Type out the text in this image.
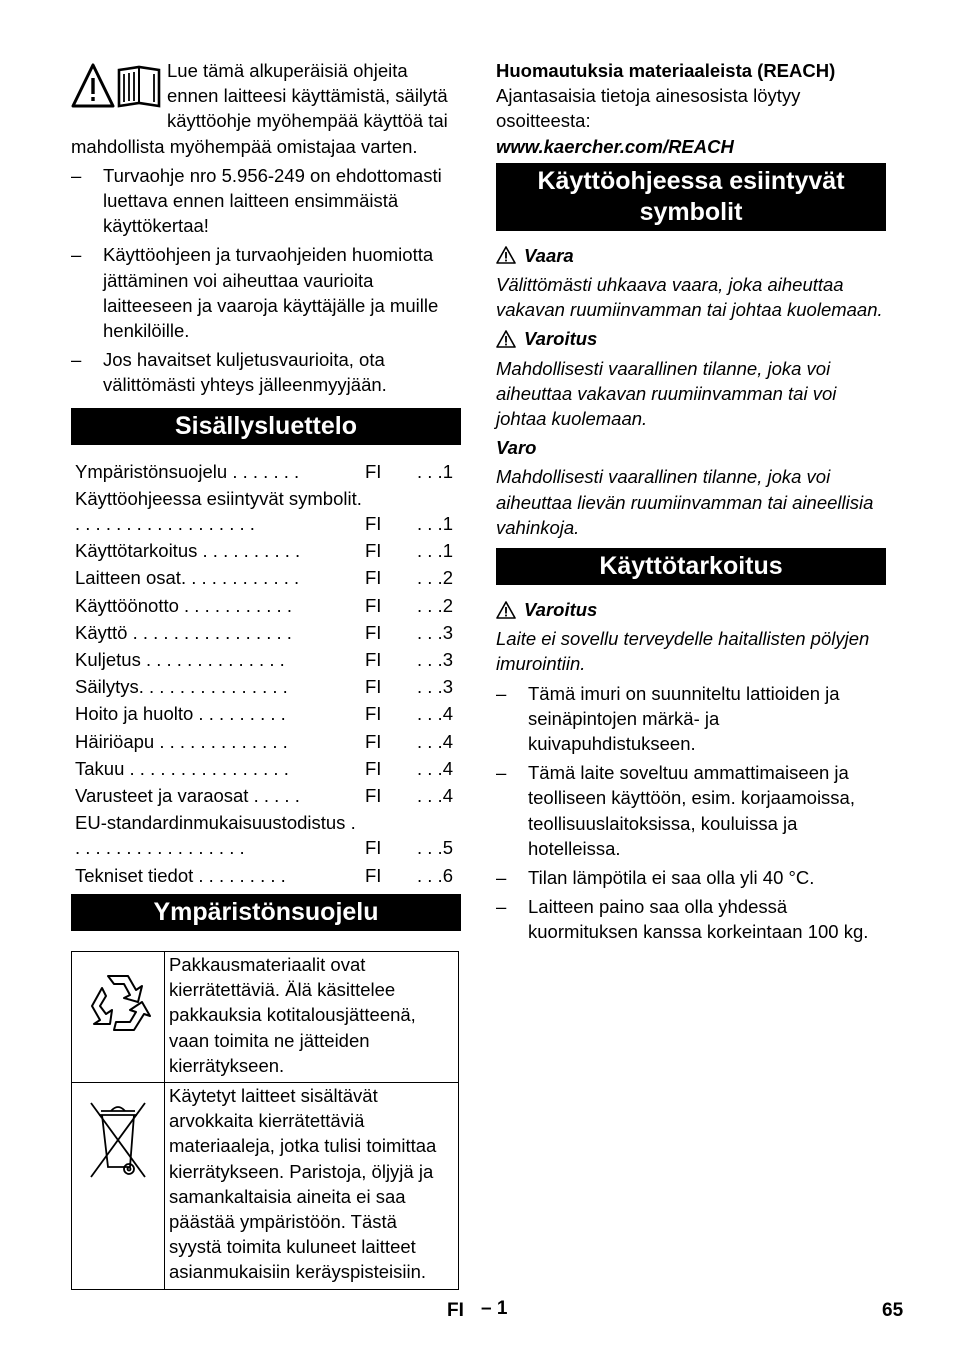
Lue tämä alkuperäisiä ohjeita ennen laitteesi käyttämistä, säilytä käyttöohje myöhempää käyttöä tai mahdollista myöhempää omistajaa varten.

– Turvaohje nro 5.956-249 on ehdottomasti luettava ennen laitteen ensimmäistä käyttökertaa!
– Käyttöohjeen ja turvaohjeiden huomiotta jättäminen voi aiheuttaa vaurioita laitteeseen ja vaaroja käyttäjälle ja muille henkilöille.
– Jos havaitset kuljetusvaurioita, ota välittömästi yhteys jälleenmyyjään.
Sisällysluettelo
Ympäristönsuojelu . . . . . . .	FI	. . .1
Käyttöohjeessa esiintyvät symbolit. . . . . . . . . . . . . . . . . . .	FI	. . .1
Käyttötarkoitus . . . . . . . . . .	FI	. . .1
Laitteen osat. . . . . . . . . . . .	FI	. . .2
Käyttöönotto . . . . . . . . . . .	FI	. . .2
Käyttö . . . . . . . . . . . . . . . .	FI	. . .3
Kuljetus . . . . . . . . . . . . . .	FI	. . .3
Säilytys. . . . . . . . . . . . . . .	FI	. . .3
Hoito ja huolto . . . . . . . . .	FI	. . .4
Häiriöapu . . . . . . . . . . . . .	FI	. . .4
Takuu . . . . . . . . . . . . . . . .	FI	. . .4
Varusteet ja varaosat . . . . .	FI	. . .4
EU-standardinmukaisuustodistus . . . . . . . . . . . . . . . . . .	FI	. . .5
Tekniset tiedot . . . . . . . . .	FI	. . .6
Ympäristönsuojelu
	Pakkausmateriaalit ovat kierrätettäviä. Älä käsittelee pakkauksia kotitalousjätteenä, vaan toimita ne jätteiden kierrätykseen.
	Käytetyt laitteet sisältävät arvokkaita kierrätettäviä materiaaleja, jotka tulisi toimittaa kierrätykseen. Paristoja, öljyjä ja samankaltaisia aineita ei saa päästää ympäristöön. Tästä syystä toimita kuluneet laitteet asianmukaisiin keräyspisteisiin.

Huomautuksia materiaaleista (REACH)

Ajantasaisia tietoja ainesosista löytyy osoitteesta:

www.kaercher.com/REACH

Käyttöohjeessa esiintyvät symbolit
Vaara

Välittömästi uhkaava vaara, joka aiheuttaa vakavan ruumiinvamman tai johtaa kuolemaan.

Varoitus

Mahdollisesti vaarallinen tilanne, joka voi aiheuttaa vakavan ruumiinvamman tai voi johtaa kuolemaan.

Varo

Mahdollisesti vaarallinen tilanne, joka voi aiheuttaa lievän ruumiinvamman tai aineellisia vahinkoja.

Käyttötarkoitus
Varoitus

Laite ei sovellu terveydelle haitallisten pölyjen imurointiin.

– Tämä imuri on suunniteltu lattioiden ja seinäpintojen märkä- ja kuivapuhdistukseen.
– Tämä laite soveltuu ammattimaiseen ja teolliseen käyttöön, esim. korjaamoissa, teollisuuslaitoksissa, kouluissa ja hotelleissa.
– Tilan lämpötila ei saa olla yli 40 °C.
– Laitteen paino saa olla yhdessä kuormituksen kanssa korkeintaan 100 kg.
FI – 1	65
